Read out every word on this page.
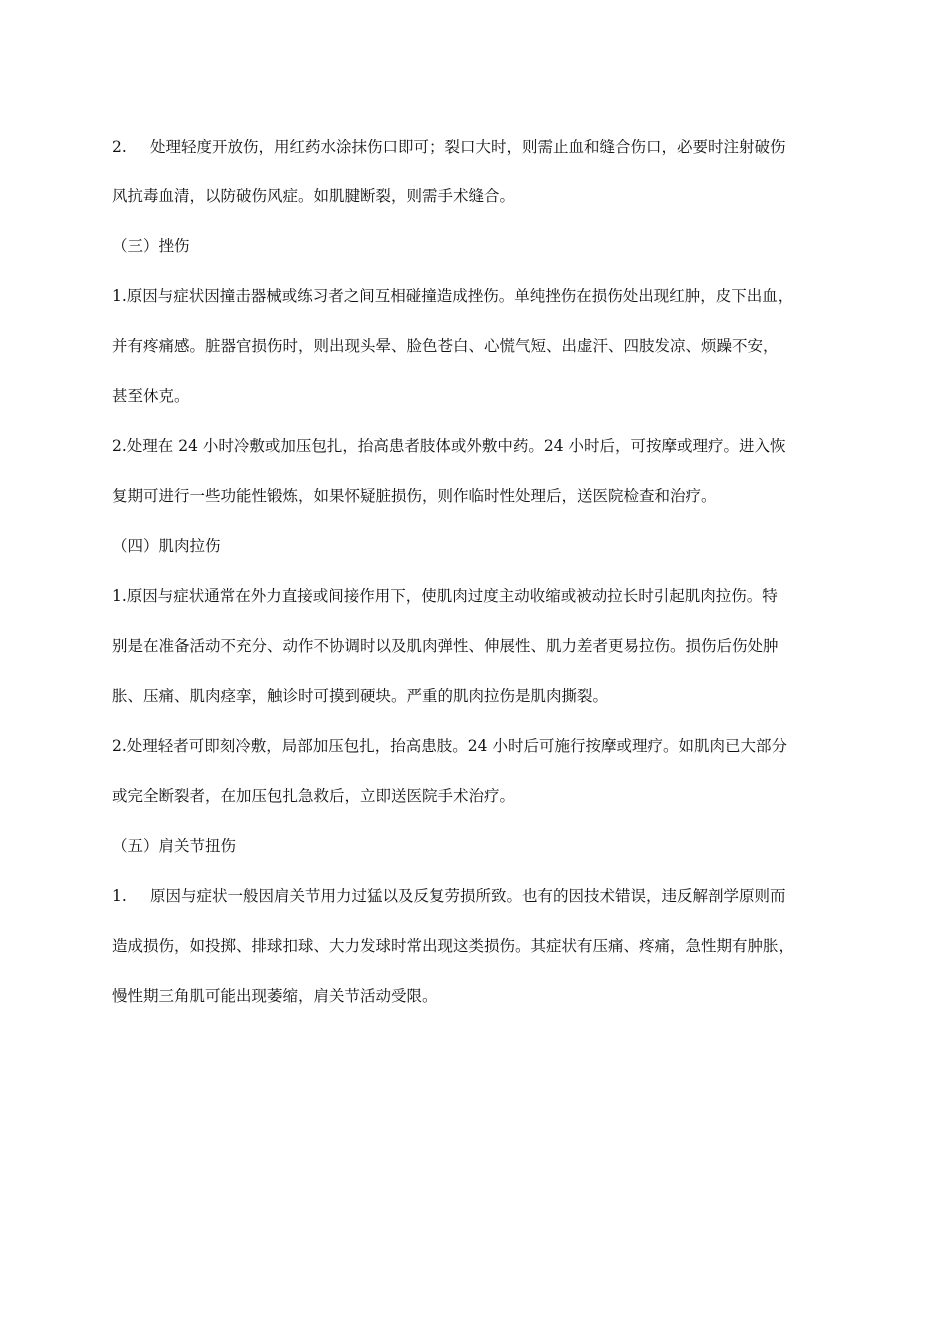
2. 处理轻度开放伤，用红药水涂抹伤口即可；裂口大时，则需止血和缝合伤口，必要时注射破伤
风抗毒血清，以防破伤风症。如肌腱断裂，则需手术缝合。
（三）挫伤
1.原因与症状因撞击器械或练习者之间互相碰撞造成挫伤。单纯挫伤在损伤处出现红肿，皮下出血，
并有疼痛感。脏器官损伤时，则出现头晕、脸色苍白、心慌气短、出虚汗、四肢发凉、烦躁不安，
甚至休克。
2.处理在 24 小时冷敷或加压包扎，抬高患者肢体或外敷中药。24 小时后，可按摩或理疗。进入恢
复期可进行一些功能性锻炼，如果怀疑脏损伤，则作临时性处理后，送医院检查和治疗。
（四）肌肉拉伤
1.原因与症状通常在外力直接或间接作用下，使肌肉过度主动收缩或被动拉长时引起肌肉拉伤。特
别是在准备活动不充分、动作不协调时以及肌肉弹性、伸展性、肌力差者更易拉伤。损伤后伤处肿
胀、压痛、肌肉痉挛，触诊时可摸到硬块。严重的肌肉拉伤是肌肉撕裂。
2.处理轻者可即刻冷敷，局部加压包扎，抬高患肢。24 小时后可施行按摩或理疗。如肌肉已大部分
或完全断裂者，在加压包扎急救后，立即送医院手术治疗。
（五）肩关节扭伤
1. 原因与症状一般因肩关节用力过猛以及反复劳损所致。也有的因技术错误，违反解剖学原则而
造成损伤，如投掷、排球扣球、大力发球时常出现这类损伤。其症状有压痛、疼痛，急性期有肿胀，
慢性期三角肌可能出现萎缩，肩关节活动受限。
